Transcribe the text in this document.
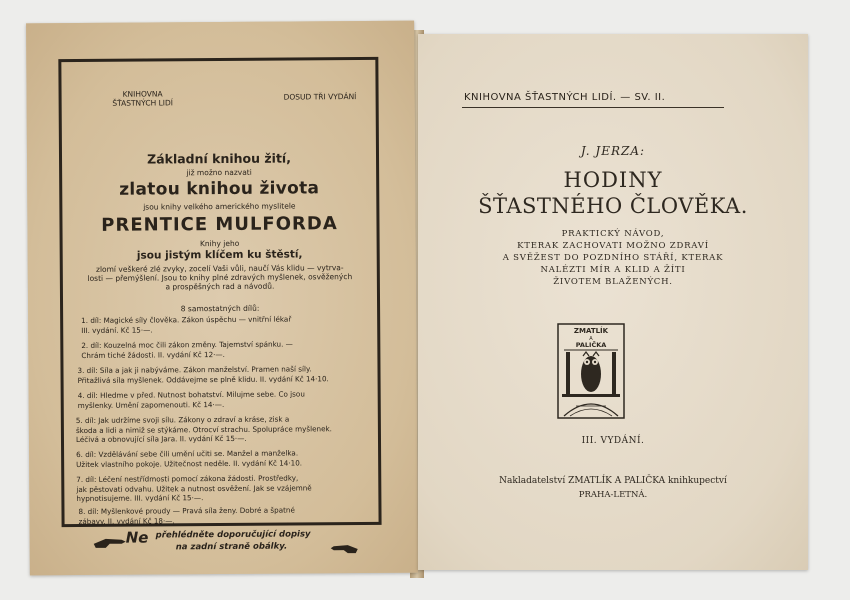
KNIHOVNA
ŠŤASTNÝCH LIDÍ
DOSUD TŘI VYDÁNÍ
Základní knihou žití,
již možno nazvati
zlatou knihou života
jsou knihy velkého amerického myslitele
PRENTICE MULFORDA
Knihy jeho
jsou jistým klíčem ku štěstí,
zlomí veškeré zlé zvyky, zocelí Vaši vůli, naučí Vás klidu — vytrva-
losti — přemýšlení. Jsou to knihy plné zdravých myšlenek, osvěžených
a prospěšných rad a návodů.
8 samostatných dílů:
1. díl: Magické síly člověka. Zákon úspěchu — vnitřní lékař
III. vydání. Kč 15·—.
2. díl: Kouzelná moc čili zákon změny. Tajemství spánku. —
Chrám tiché žádosti. II. vydání Kč 12·—.
3. díl: Síla a jak ji nabýváme. Zákon manželství. Pramen naší síly.
Přitažlivá síla myšlenek. Oddávejme se plně klidu. II. vydání Kč 14·10.
4. díl: Hledme v před. Nutnost bohatství. Milujme sebe. Co jsou
myšlenky. Umění zapomenouti. Kč 14·—.
5. díl: Jak udržíme svoji sílu. Zákony o zdraví a kráse, zisk a
škoda a lidi a nimiž se stýkáme. Otrocví strachu. Spolupráce myšlenek.
Léčivá a obnovující síla Jara. II. vydání Kč 15·—.
6. díl: Vzdělávání sebe čili umění učiti se. Manžel a manželka.
Užitek vlastního pokoje. Užitečnost neděle. II. vydání Kč 14·10.
7. díl: Léčení nestřídmosti pomocí zákona žádosti. Prostředky,
jak pěstovati odvahu. Užitek a nutnost osvěžení. Jak se vzájemně
hypnotisujeme. III. vydání Kč 15·—.
8. díl: Myšlenkové proudy — Pravá síla ženy. Dobré a špatné
zábavy. II. vydání Kč 18·—.
Ne přehlédněte doporučující dopisy
na zadní straně obálky.
KNIHOVNA ŠŤASTNÝCH LIDÍ. — SV. II.
J. JERZA:
HODINY
ŠŤASTNÉHO ČLOVĚKA.
PRAKTICKÝ NÁVOD,
KTERAK ZACHOVATI MOŽNO ZDRAVÍ
A SVĚŽEST DO POZDNÍHO STÁŘÍ, KTERAK
NALÉZTI MÍR A KLID A ŽÍTI
ŽIVOTEM BLAŽENÝCH.
ZMATLÍK
A
PALIČKA
III. VYDÁNÍ.
Nakladatelství ZMATLÍK A PALIČKA knihkupectví
PRAHA-LETNÁ.
